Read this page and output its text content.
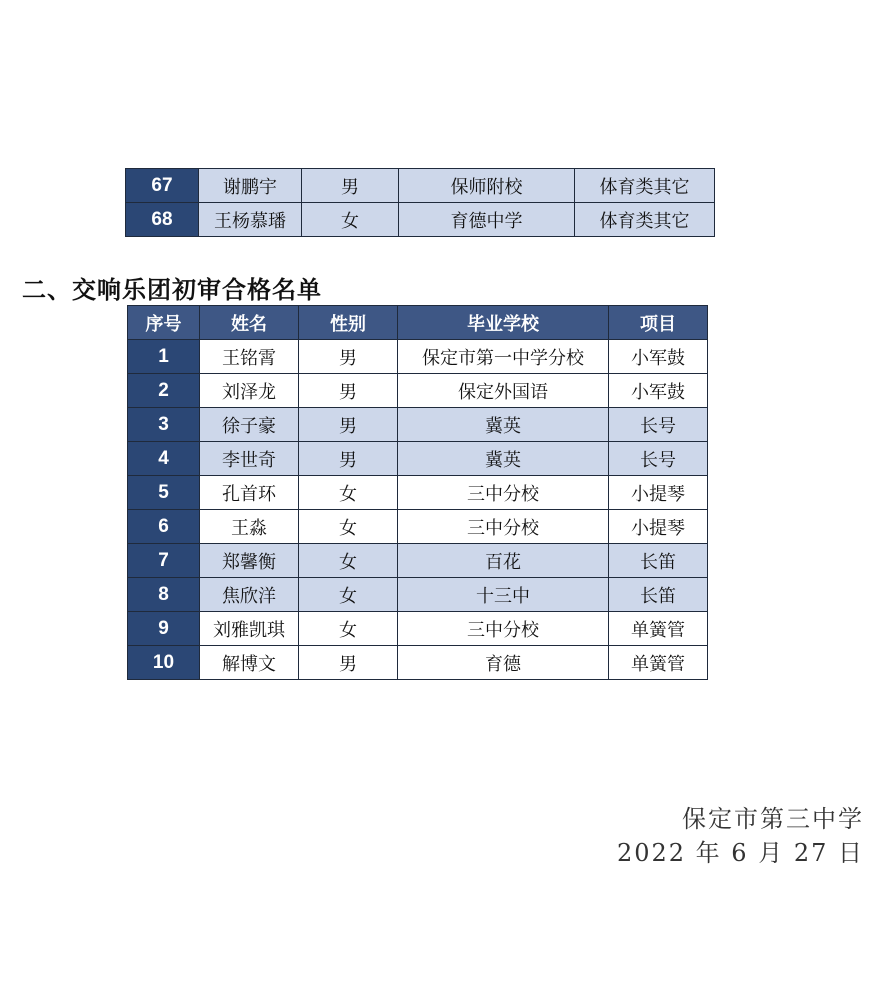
67	谢鹏宇	男	保师附校	体育类其它
68	王杨慕璠	女	育德中学	体育类其它
二、交响乐团初审合格名单
序号	姓名	性别	毕业学校	项目
1	王铭霄	男	保定市第一中学分校	小军鼓
2	刘泽龙	男	保定外国语	小军鼓
3	徐子豪	男	冀英	长号
4	李世奇	男	冀英	长号
5	孔首环	女	三中分校	小提琴
6	王淼	女	三中分校	小提琴
7	郑馨衡	女	百花	长笛
8	焦欣洋	女	十三中	长笛
9	刘雅凯琪	女	三中分校	单簧管
10	解博文	男	育德	单簧管
保定市第三中学
2022 年 6 月 27 日
